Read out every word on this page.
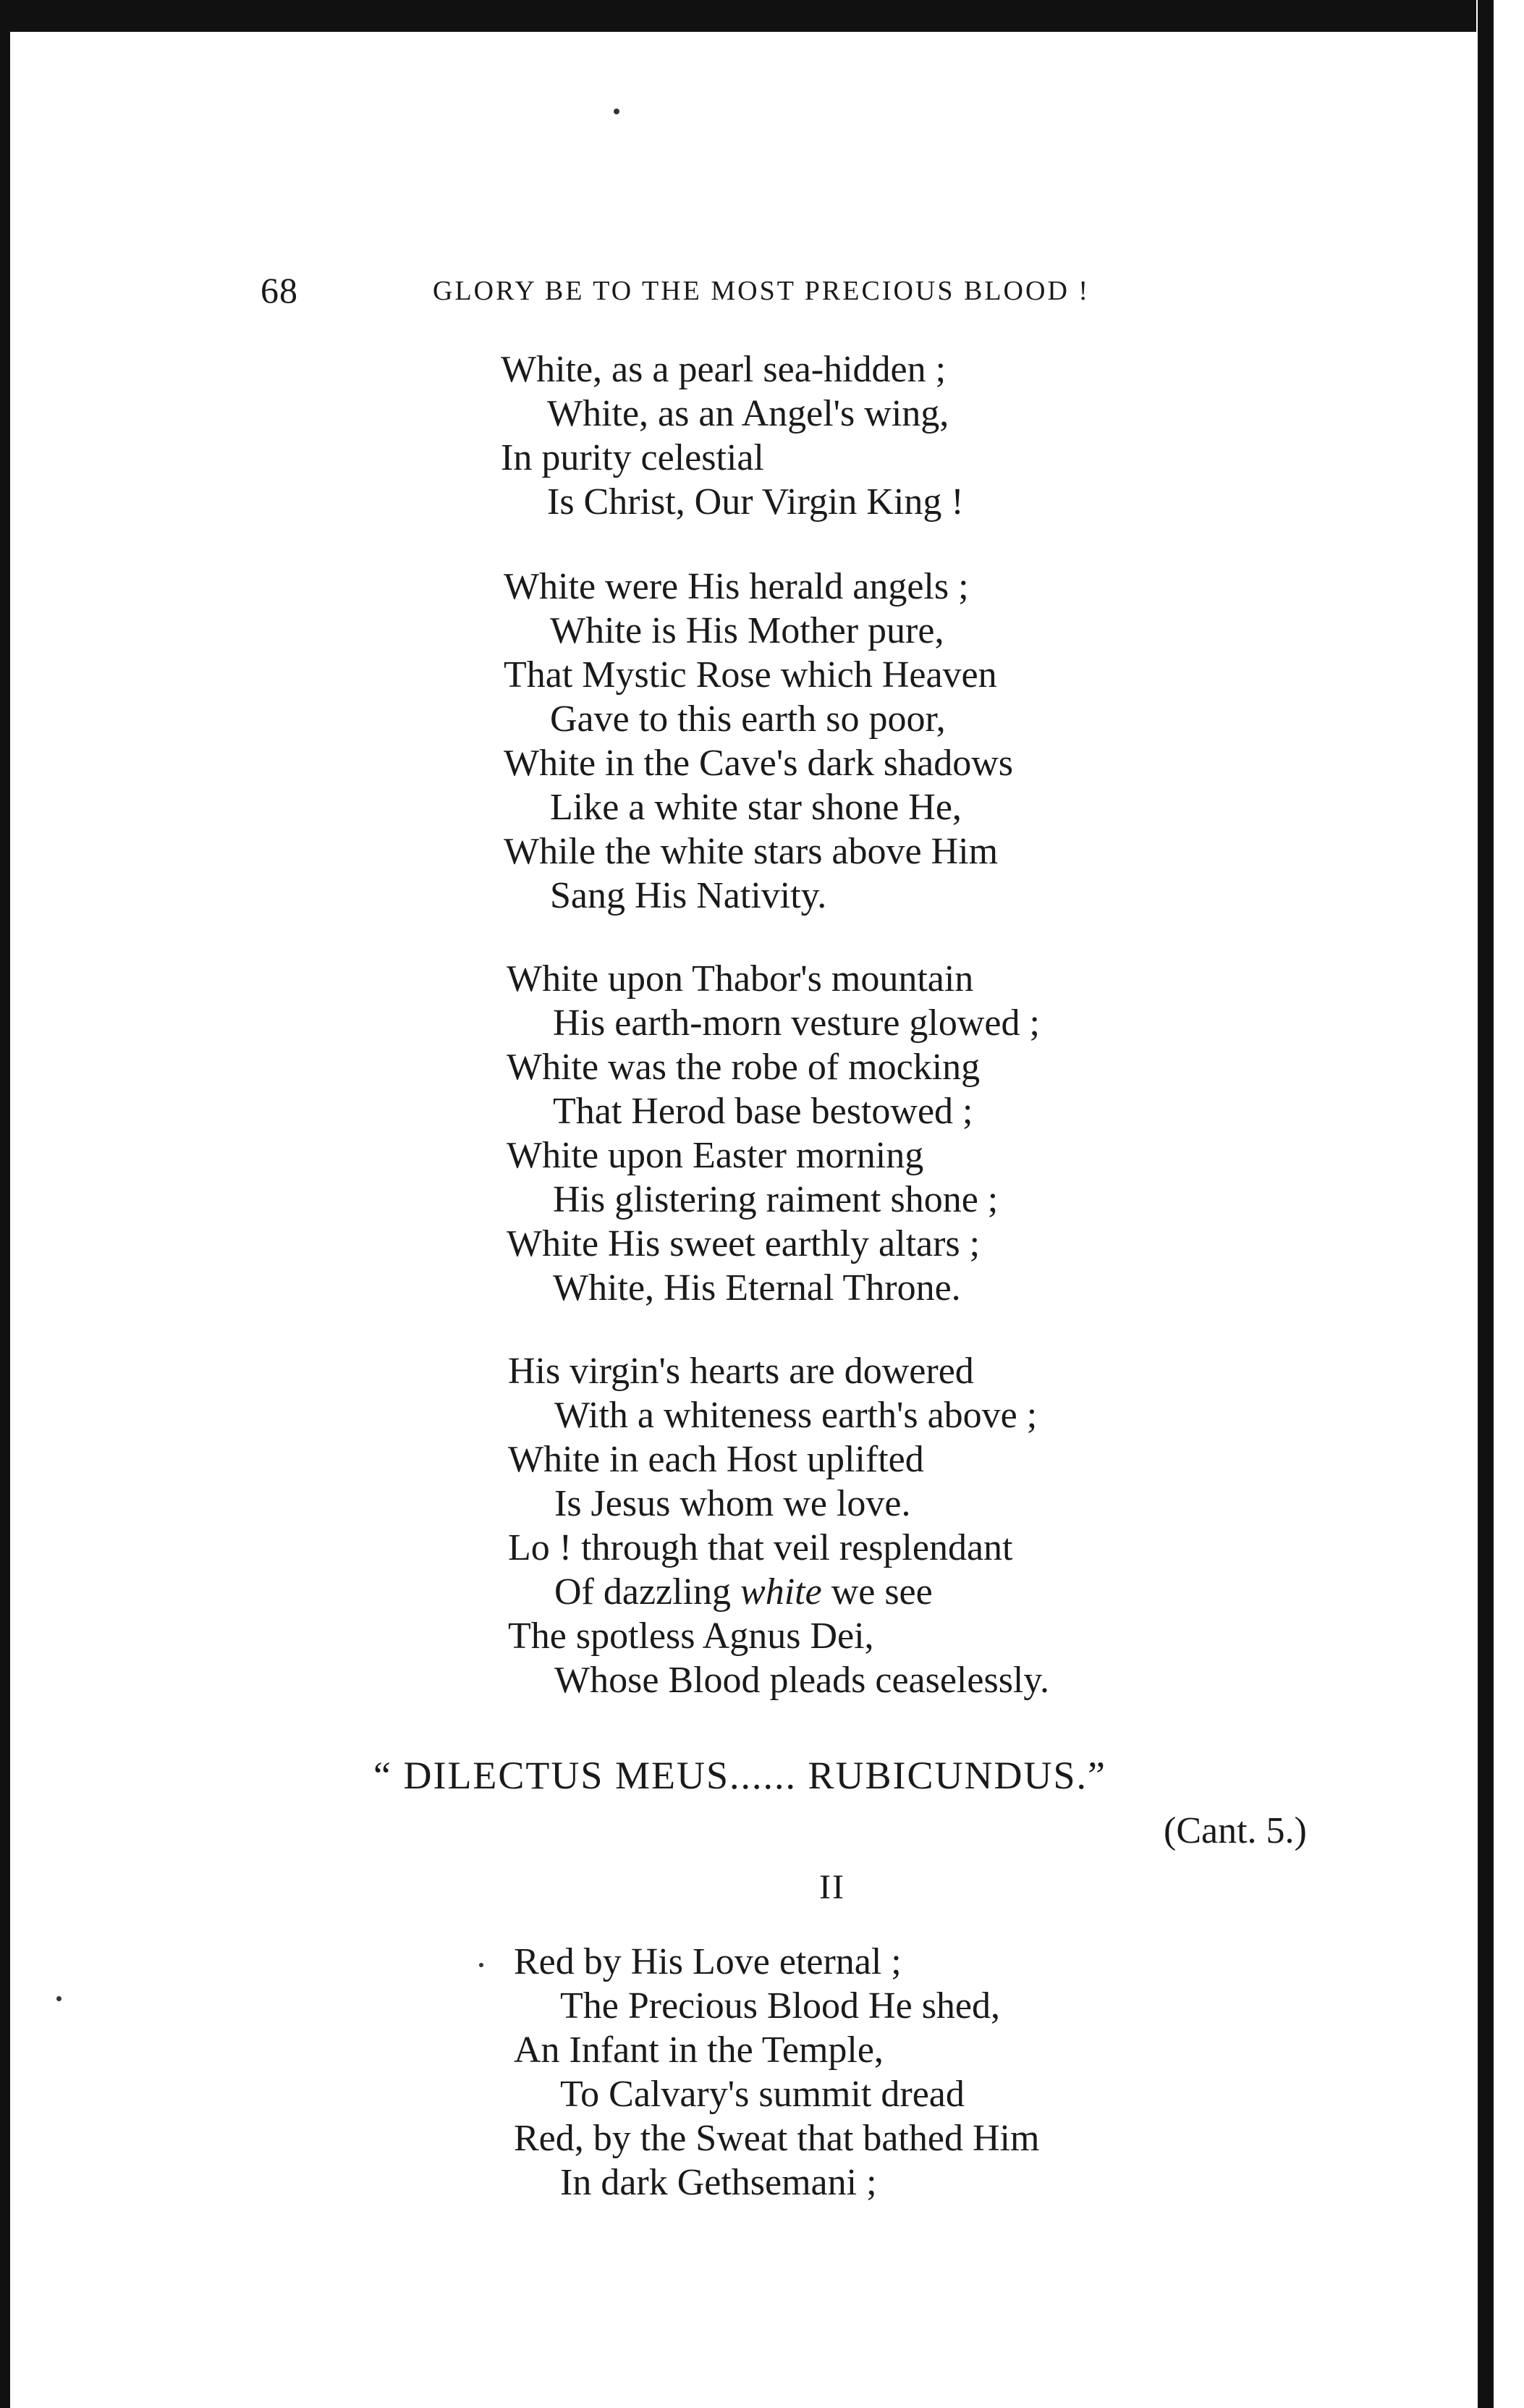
68	GLORY BE TO THE MOST PRECIOUS BLOOD !
White, as a pearl sea-hidden ;
White, as an Angel's wing,
In purity celestial
Is Christ, Our Virgin King !
White were His herald angels ;
White is His Mother pure,
That Mystic Rose which Heaven
Gave to this earth so poor,
White in the Cave's dark shadows
Like a white star shone He,
While the white stars above Him
Sang His Nativity.
White upon Thabor's mountain
His earth-morn vesture glowed ;
White was the robe of mocking
That Herod base bestowed ;
White upon Easter morning
His glistering raiment shone ;
White His sweet earthly altars ;
White, His Eternal Throne.
His virgin's hearts are dowered
With a whiteness earth's above ;
White in each Host uplifted
Is Jesus whom we love.
Lo ! through that veil resplendant
Of dazzling white we see
The spotless Agnus Dei,
Whose Blood pleads ceaselessly.
“ DILECTUS MEUS...... RUBICUNDUS.”
(Cant. 5.)
II
Red by His Love eternal ;
The Precious Blood He shed,
An Infant in the Temple,
To Calvary's summit dread
Red, by the Sweat that bathed Him
In dark Gethsemani ;
